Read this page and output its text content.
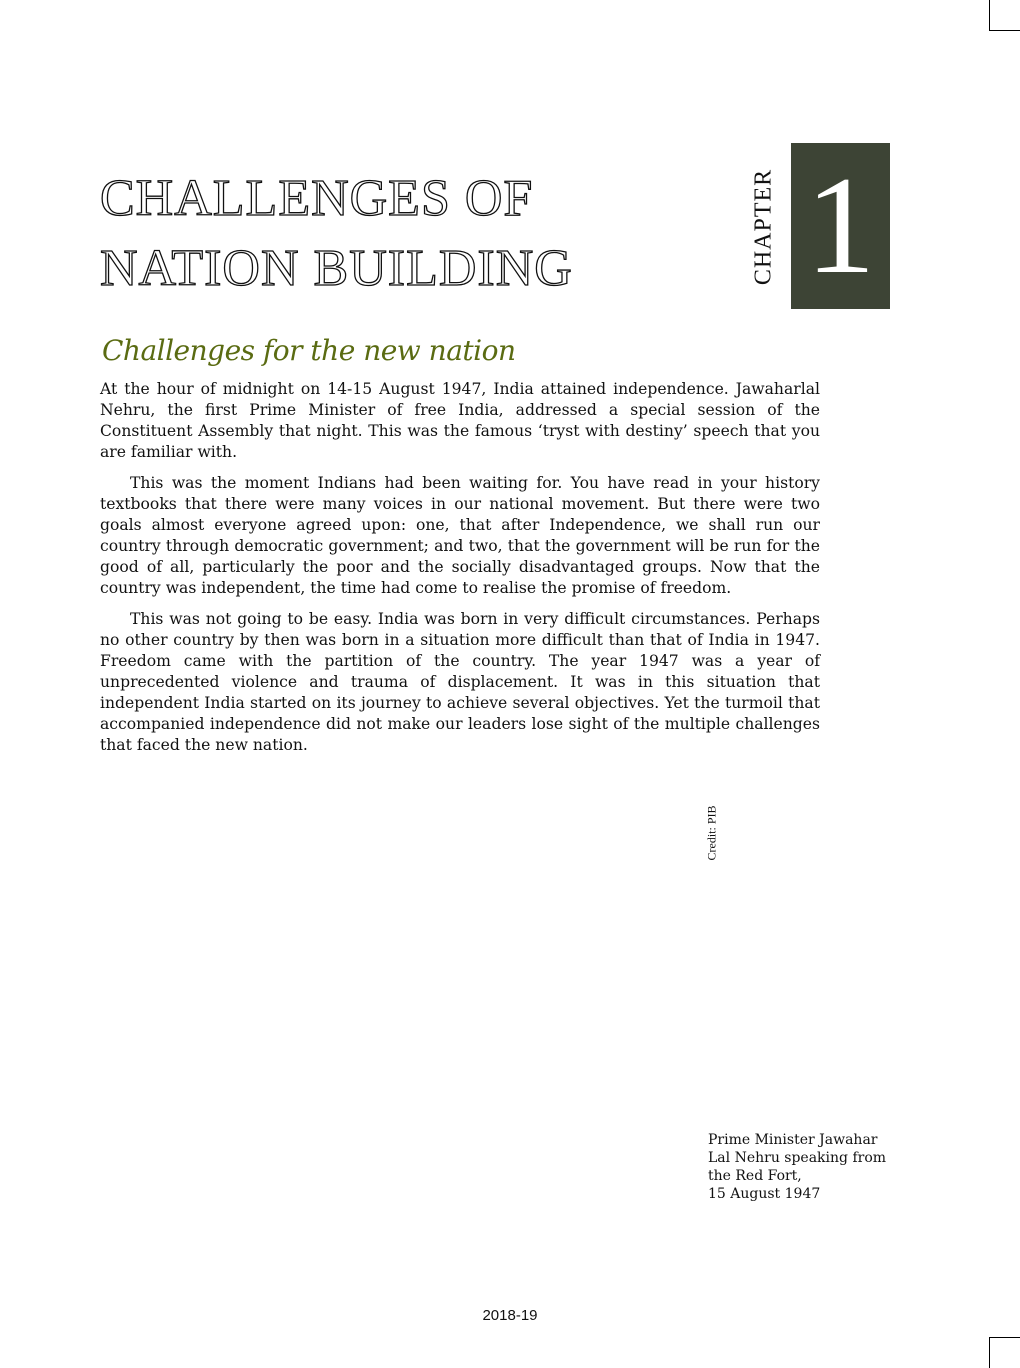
CHALLENGES OF
NATION BUILDING	CHAPTER 1
Challenges for the new nation

At the hour of midnight on 14-15 August 1947, India attained independence. Jawaharlal Nehru, the first Prime Minister of free India, addressed a special session of the Constituent Assembly that night. This was the famous ‘tryst with destiny’ speech that you are familiar with.

This was the moment Indians had been waiting for. You have read in your history textbooks that there were many voices in our national movement. But there were two goals almost everyone agreed upon: one, that after Independence, we shall run our country through democratic government; and two, that the government will be run for the good of all, particularly the poor and the socially disadvantaged groups. Now that the country was independent, the time had come to realise the promise of freedom.

This was not going to be easy. India was born in very difficult circumstances. Perhaps no other country by then was born in a situation more difficult than that of India in 1947. Freedom came with the partition of the country. The year 1947 was a year of unprecedented violence and trauma of displacement. It was in this situation that independent India started on its journey to achieve several objectives. Yet the turmoil that accompanied independence did not make our leaders lose sight of the multiple challenges that faced the new nation.

Credit: PIB
Prime Minister Jawahar
Lal Nehru speaking from
the Red Fort,
15 August 1947
2018-19
